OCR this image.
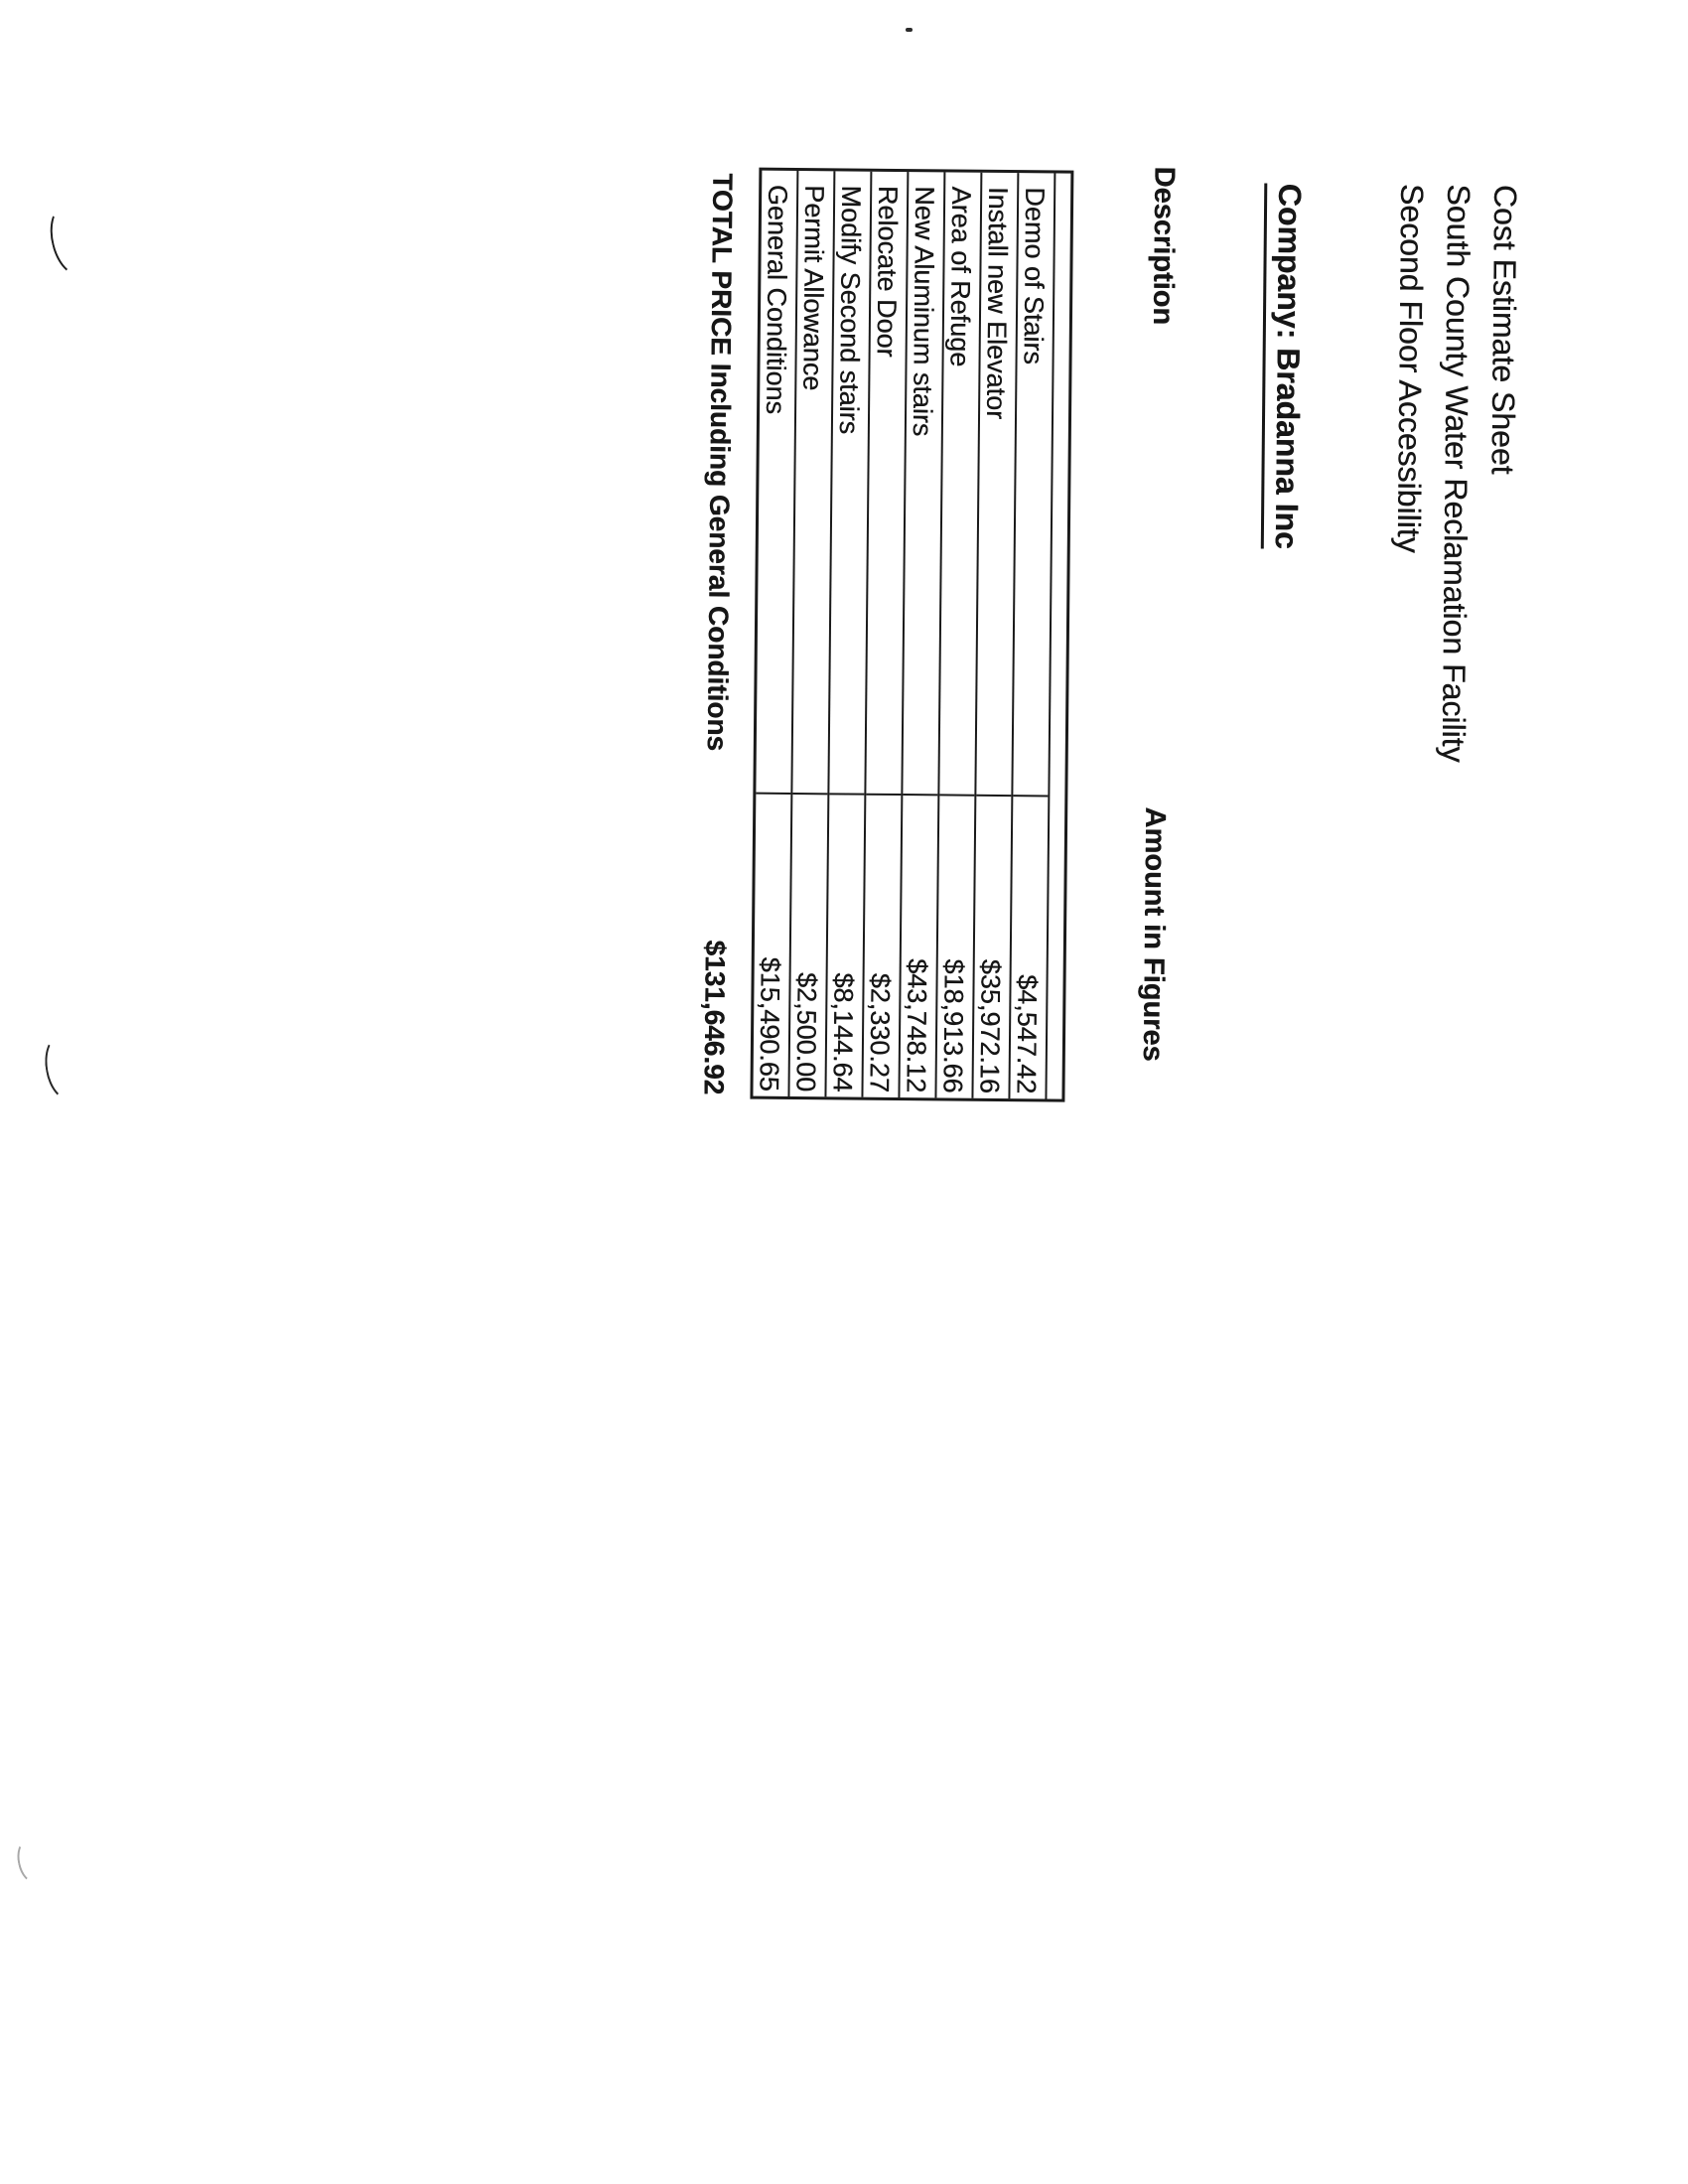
Cost Estimate Sheet
South County Water Reclamation Facility
Second Floor Accessibility
Company: Bradanna Inc
Description
Amount in Figures
Demo of Stairs
$4,547.42
Install new Elevator
$35,972.16
Area of Refuge
$18,913.66
New Aluminum stairs
$43,748.12
Relocate Door
$2,330.27
Modify Second stairs
$8,144.64
Permit Allowance
$2,500.00
General Conditions
$15,490.65
TOTAL PRICE Including General Conditions
$131,646.92
